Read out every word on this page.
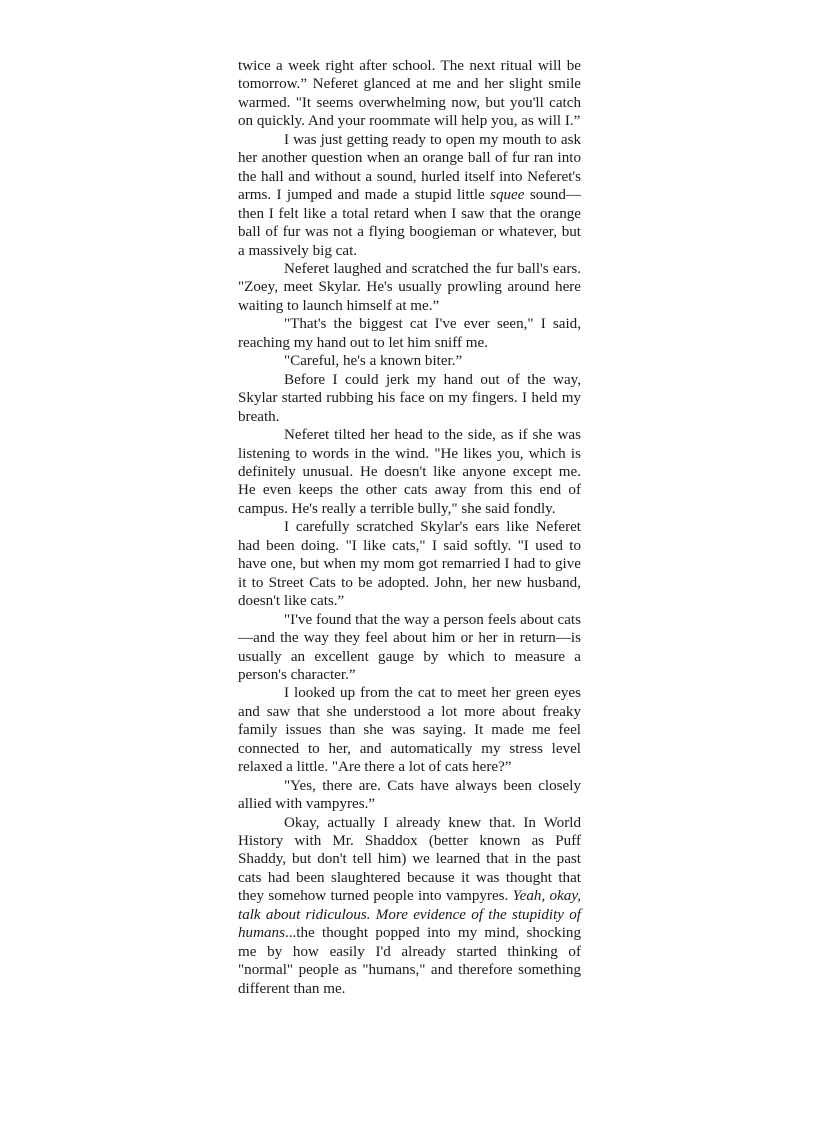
twice a week right after school. The next ritual will be tomorrow.” Neferet glanced at me and her slight smile warmed. "It seems overwhelming now, but you'll catch on quickly. And your roommate will help you, as will I.”

I was just getting ready to open my mouth to ask her another question when an orange ball of fur ran into the hall and without a sound, hurled itself into Neferet's arms. I jumped and made a stupid little squee sound—then I felt like a total retard when I saw that the orange ball of fur was not a flying boogieman or whatever, but a massively big cat.

Neferet laughed and scratched the fur ball's ears. "Zoey, meet Skylar. He's usually prowling around here waiting to launch himself at me.”

"That's the biggest cat I've ever seen," I said, reaching my hand out to let him sniff me.

"Careful, he's a known biter.”

Before I could jerk my hand out of the way, Skylar started rubbing his face on my fingers. I held my breath.

Neferet tilted her head to the side, as if she was listening to words in the wind. "He likes you, which is definitely unusual. He doesn't like anyone except me. He even keeps the other cats away from this end of campus. He's really a terrible bully," she said fondly.

I carefully scratched Skylar's ears like Neferet had been doing. "I like cats," I said softly. "I used to have one, but when my mom got remarried I had to give it to Street Cats to be adopted. John, her new husband, doesn't like cats.”

"I've found that the way a person feels about cats—and the way they feel about him or her in return—is usually an excellent gauge by which to measure a person's character.”

I looked up from the cat to meet her green eyes and saw that she understood a lot more about freaky family issues than she was saying. It made me feel connected to her, and automatically my stress level relaxed a little. "Are there a lot of cats here?”

"Yes, there are. Cats have always been closely allied with vampyres.”

Okay, actually I already knew that. In World History with Mr. Shaddox (better known as Puff Shaddy, but don't tell him) we learned that in the past cats had been slaughtered because it was thought that they somehow turned people into vampyres. Yeah, okay, talk about ridiculous. More evidence of the stupidity of humans...the thought popped into my mind, shocking me by how easily I'd already started thinking of "normal" people as "humans," and therefore something different than me.
